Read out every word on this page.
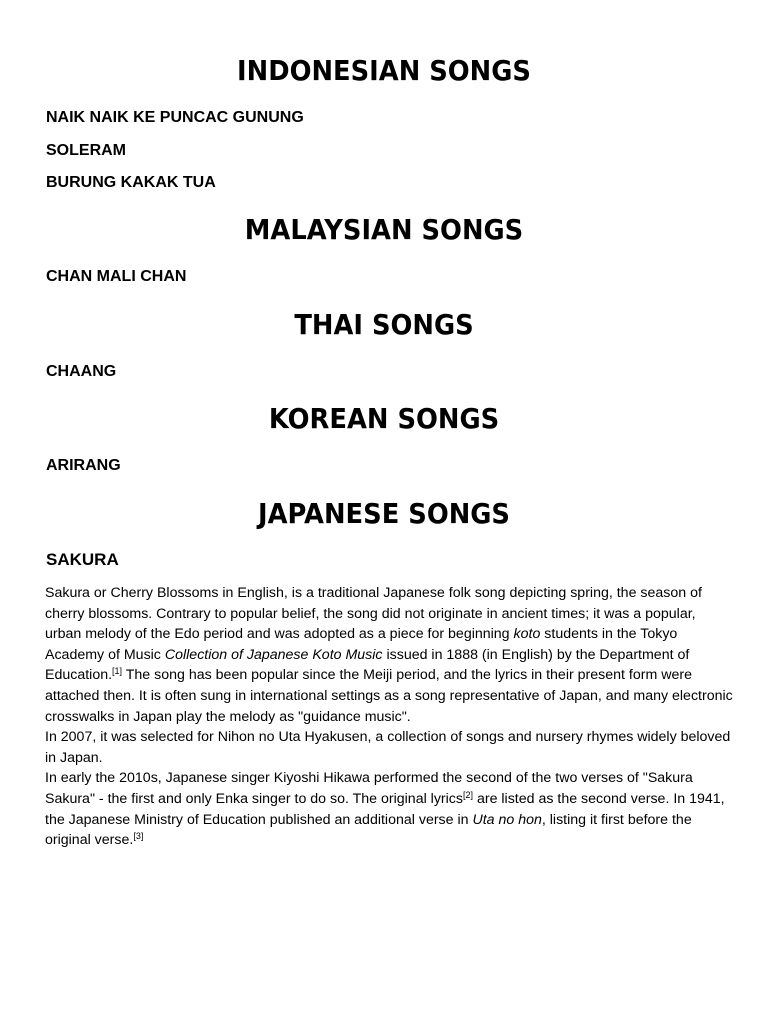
INDONESIAN SONGS

NAIK NAIK KE PUNCAC GUNUNG

SOLERAM

BURUNG KAKAK TUA

MALAYSIAN SONGS

CHAN MALI CHAN

THAI SONGS

CHAANG

KOREAN SONGS

ARIRANG

JAPANESE SONGS

SAKURA

Sakura or Cherry Blossoms in English, is a traditional Japanese folk song depicting spring, the season of cherry blossoms. Contrary to popular belief, the song did not originate in ancient times; it was a popular, urban melody of the Edo period and was adopted as a piece for beginning koto students in the Tokyo Academy of Music Collection of Japanese Koto Music issued in 1888 (in English) by the Department of Education.[1] The song has been popular since the Meiji period, and the lyrics in their present form were attached then. It is often sung in international settings as a song representative of Japan, and many electronic crosswalks in Japan play the melody as "guidance music".

In 2007, it was selected for Nihon no Uta Hyakusen, a collection of songs and nursery rhymes widely beloved in Japan.

In early the 2010s, Japanese singer Kiyoshi Hikawa performed the second of the two verses of "Sakura Sakura" - the first and only Enka singer to do so. The original lyrics[2] are listed as the second verse. In 1941, the Japanese Ministry of Education published an additional verse in Uta no hon, listing it first before the original verse.[3]
